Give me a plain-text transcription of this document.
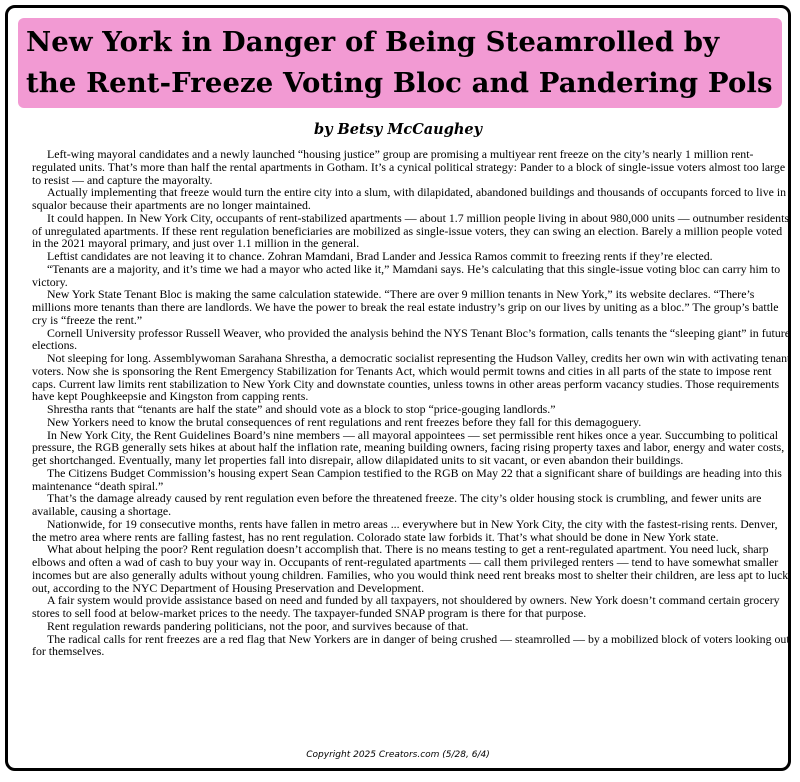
New York in Danger of Being Steamrolled by the Rent-Freeze Voting Bloc and Pandering Pols
by Betsy McCaughey

Left-wing mayoral candidates and a newly launched “housing justice” group are promising a multiyear rent freeze on the city’s nearly 1 million rent-regulated units. That’s more than half the rental apartments in Gotham. It’s a cynical political strategy: Pander to a block of single-issue voters almost too large to resist — and capture the mayoralty.

Actually implementing that freeze would turn the entire city into a slum, with dilapidated, abandoned buildings and thousands of occupants forced to live in squalor because their apartments are no longer maintained.

It could happen. In New York City, occupants of rent-stabilized apartments — about 1.7 million people living in about 980,000 units — outnumber residents of unregulated apartments. If these rent regulation beneficiaries are mobilized as single-issue voters, they can swing an election. Barely a million people voted in the 2021 mayoral primary, and just over 1.1 million in the general.

Leftist candidates are not leaving it to chance. Zohran Mamdani, Brad Lander and Jessica Ramos commit to freezing rents if they’re elected.

“Tenants are a majority, and it’s time we had a mayor who acted like it,” Mamdani says. He’s calculating that this single-issue voting bloc can carry him to victory.

New York State Tenant Bloc is making the same calculation statewide. “There are over 9 million tenants in New York,” its website declares. “There’s millions more tenants than there are landlords. We have the power to break the real estate industry’s grip on our lives by uniting as a bloc.” The group’s battle cry is “freeze the rent.”

Cornell University professor Russell Weaver, who provided the analysis behind the NYS Tenant Bloc’s formation, calls tenants the “sleeping giant” in future elections.

Not sleeping for long. Assemblywoman Sarahana Shrestha, a democratic socialist representing the Hudson Valley, credits her own win with activating tenant voters. Now she is sponsoring the Rent Emergency Stabilization for Tenants Act, which would permit towns and cities in all parts of the state to impose rent caps. Current law limits rent stabilization to New York City and downstate counties, unless towns in other areas perform vacancy studies. Those requirements have kept Poughkeepsie and Kingston from capping rents.

Shrestha rants that “tenants are half the state” and should vote as a block to stop “price-gouging landlords.”

New Yorkers need to know the brutal consequences of rent regulations and rent freezes before they fall for this demagoguery.

In New York City, the Rent Guidelines Board’s nine members — all mayoral appointees — set permissible rent hikes once a year. Succumbing to political pressure, the RGB generally sets hikes at about half the inflation rate, meaning building owners, facing rising property taxes and labor, energy and water costs, get shortchanged. Eventually, many let properties fall into disrepair, allow dilapidated units to sit vacant, or even abandon their buildings.

The Citizens Budget Commission’s housing expert Sean Campion testified to the RGB on May 22 that a significant share of buildings are heading into this maintenance “death spiral.”

That’s the damage already caused by rent regulation even before the threatened freeze. The city’s older housing stock is crumbling, and fewer units are available, causing a shortage.

Nationwide, for 19 consecutive months, rents have fallen in metro areas ... everywhere but in New York City, the city with the fastest-rising rents. Denver, the metro area where rents are falling fastest, has no rent regulation. Colorado state law forbids it. That’s what should be done in New York state.

What about helping the poor? Rent regulation doesn’t accomplish that. There is no means testing to get a rent-regulated apartment. You need luck, sharp elbows and often a wad of cash to buy your way in. Occupants of rent-regulated apartments — call them privileged renters — tend to have somewhat smaller incomes but are also generally adults without young children. Families, who you would think need rent breaks most to shelter their children, are less apt to luck out, according to the NYC Department of Housing Preservation and Development.

A fair system would provide assistance based on need and funded by all taxpayers, not shouldered by owners. New York doesn’t command certain grocery stores to sell food at below-market prices to the needy. The taxpayer-funded SNAP program is there for that purpose.

Rent regulation rewards pandering politicians, not the poor, and survives because of that.

The radical calls for rent freezes are a red flag that New Yorkers are in danger of being crushed — steamrolled — by a mobilized block of voters looking out for themselves.

Copyright 2025 Creators.com (5/28, 6/4)
